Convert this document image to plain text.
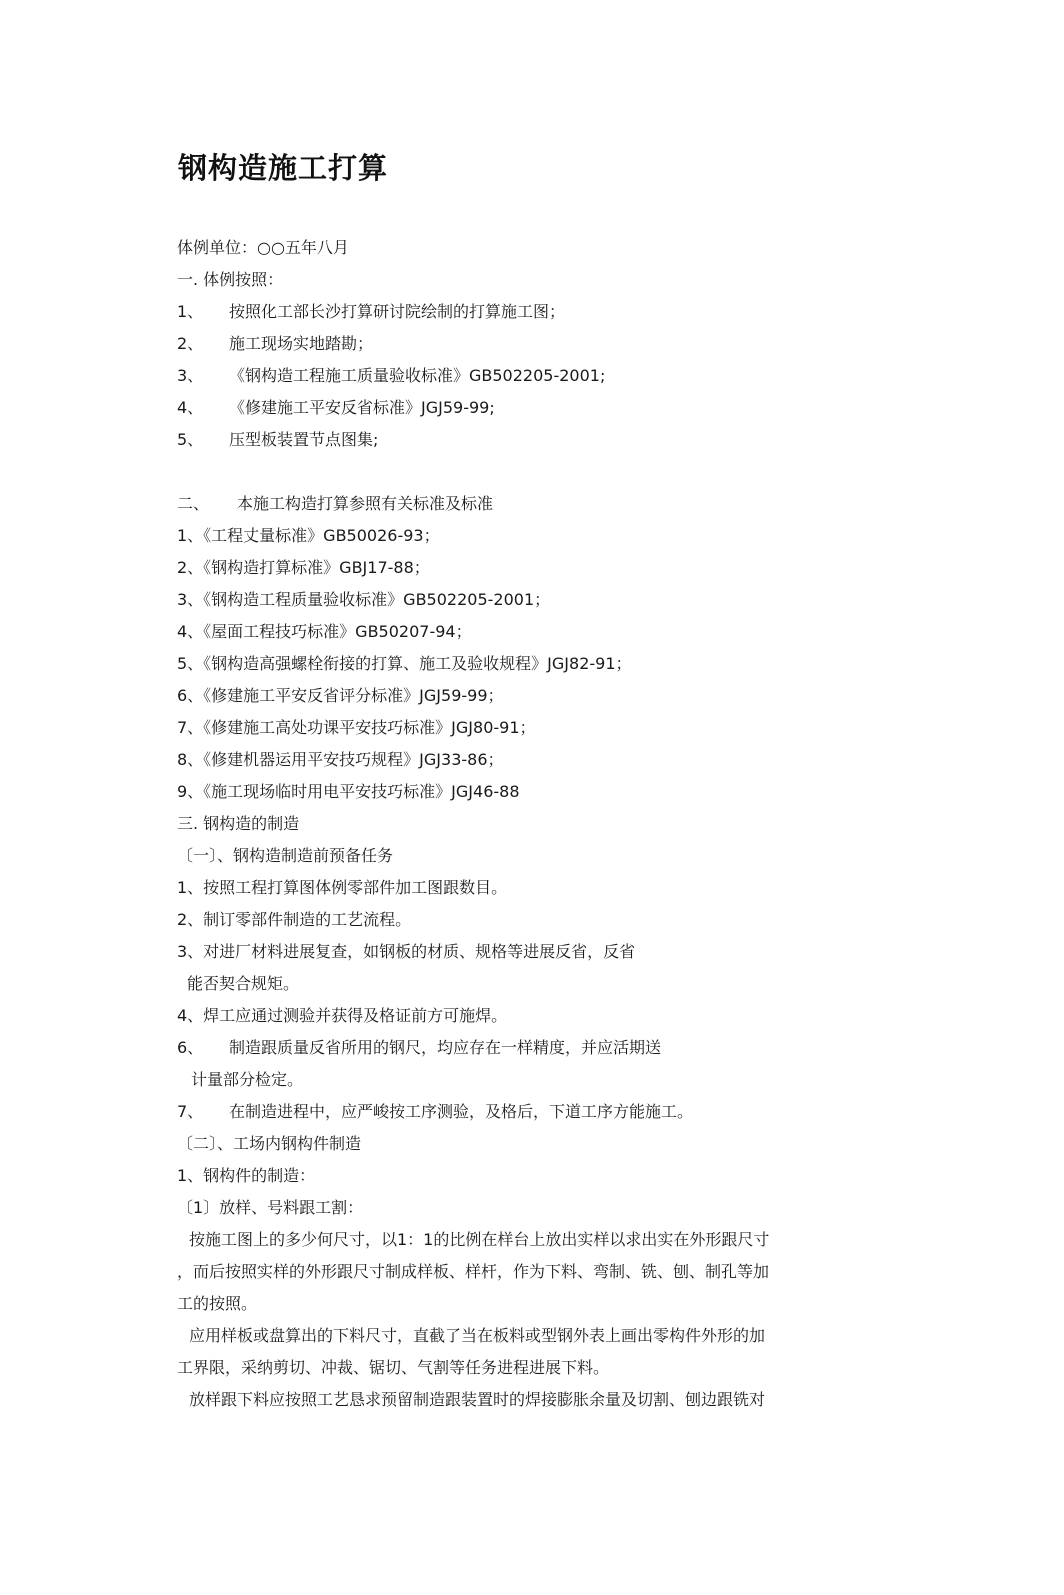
钢构造施工打算
体例单位：○○五年八月
一. 体例按照：
1、 按照化工部长沙打算研讨院绘制的打算施工图；
2、 施工现场实地踏勘；
3、 《钢构造工程施工质量验收标准》GB502205-2001;
4、 《修建施工平安反省标准》JGJ59-99;
5、 压型板装置节点图集;
二、 本施工构造打算参照有关标准及标准
1、《工程丈量标准》GB50026-93；
2、《钢构造打算标准》GBJ17-88；
3、《钢构造工程质量验收标准》GB502205-2001；
4、《屋面工程技巧标准》GB50207-94；
5、《钢构造高强螺栓衔接的打算、施工及验收规程》JGJ82-91；
6、《修建施工平安反省评分标准》JGJ59-99；
7、《修建施工高处功课平安技巧标准》JGJ80-91；
8、《修建机器运用平安技巧规程》JGJ33-86；
9、《施工现场临时用电平安技巧标准》JGJ46-88
三. 钢构造的制造
〔一〕、钢构造制造前预备任务
1、按照工程打算图体例零部件加工图跟数目。
2、制订零部件制造的工艺流程。
3、对进厂材料进展复查，如钢板的材质、规格等进展反省，反省
能否契合规矩。
4、焊工应通过测验并获得及格证前方可施焊。
6、 制造跟质量反省所用的钢尺，均应存在一样精度，并应活期送
计量部分检定。
7、 在制造进程中，应严峻按工序测验，及格后，下道工序方能施工。
〔二〕、工场内钢构件制造
1、钢构件的制造：
〔1〕放样、号料跟工割：
按施工图上的多少何尺寸，以1：1的比例在样台上放出实样以求出实在外形跟尺寸
，而后按照实样的外形跟尺寸制成样板、样杆，作为下料、弯制、铣、刨、制孔等加
工的按照。
应用样板或盘算出的下料尺寸，直截了当在板料或型钢外表上画出零构件外形的加
工界限，采纳剪切、冲裁、锯切、气割等任务进程进展下料。
放样跟下料应按照工艺恳求预留制造跟装置时的焊接膨胀余量及切割、刨边跟铣对
